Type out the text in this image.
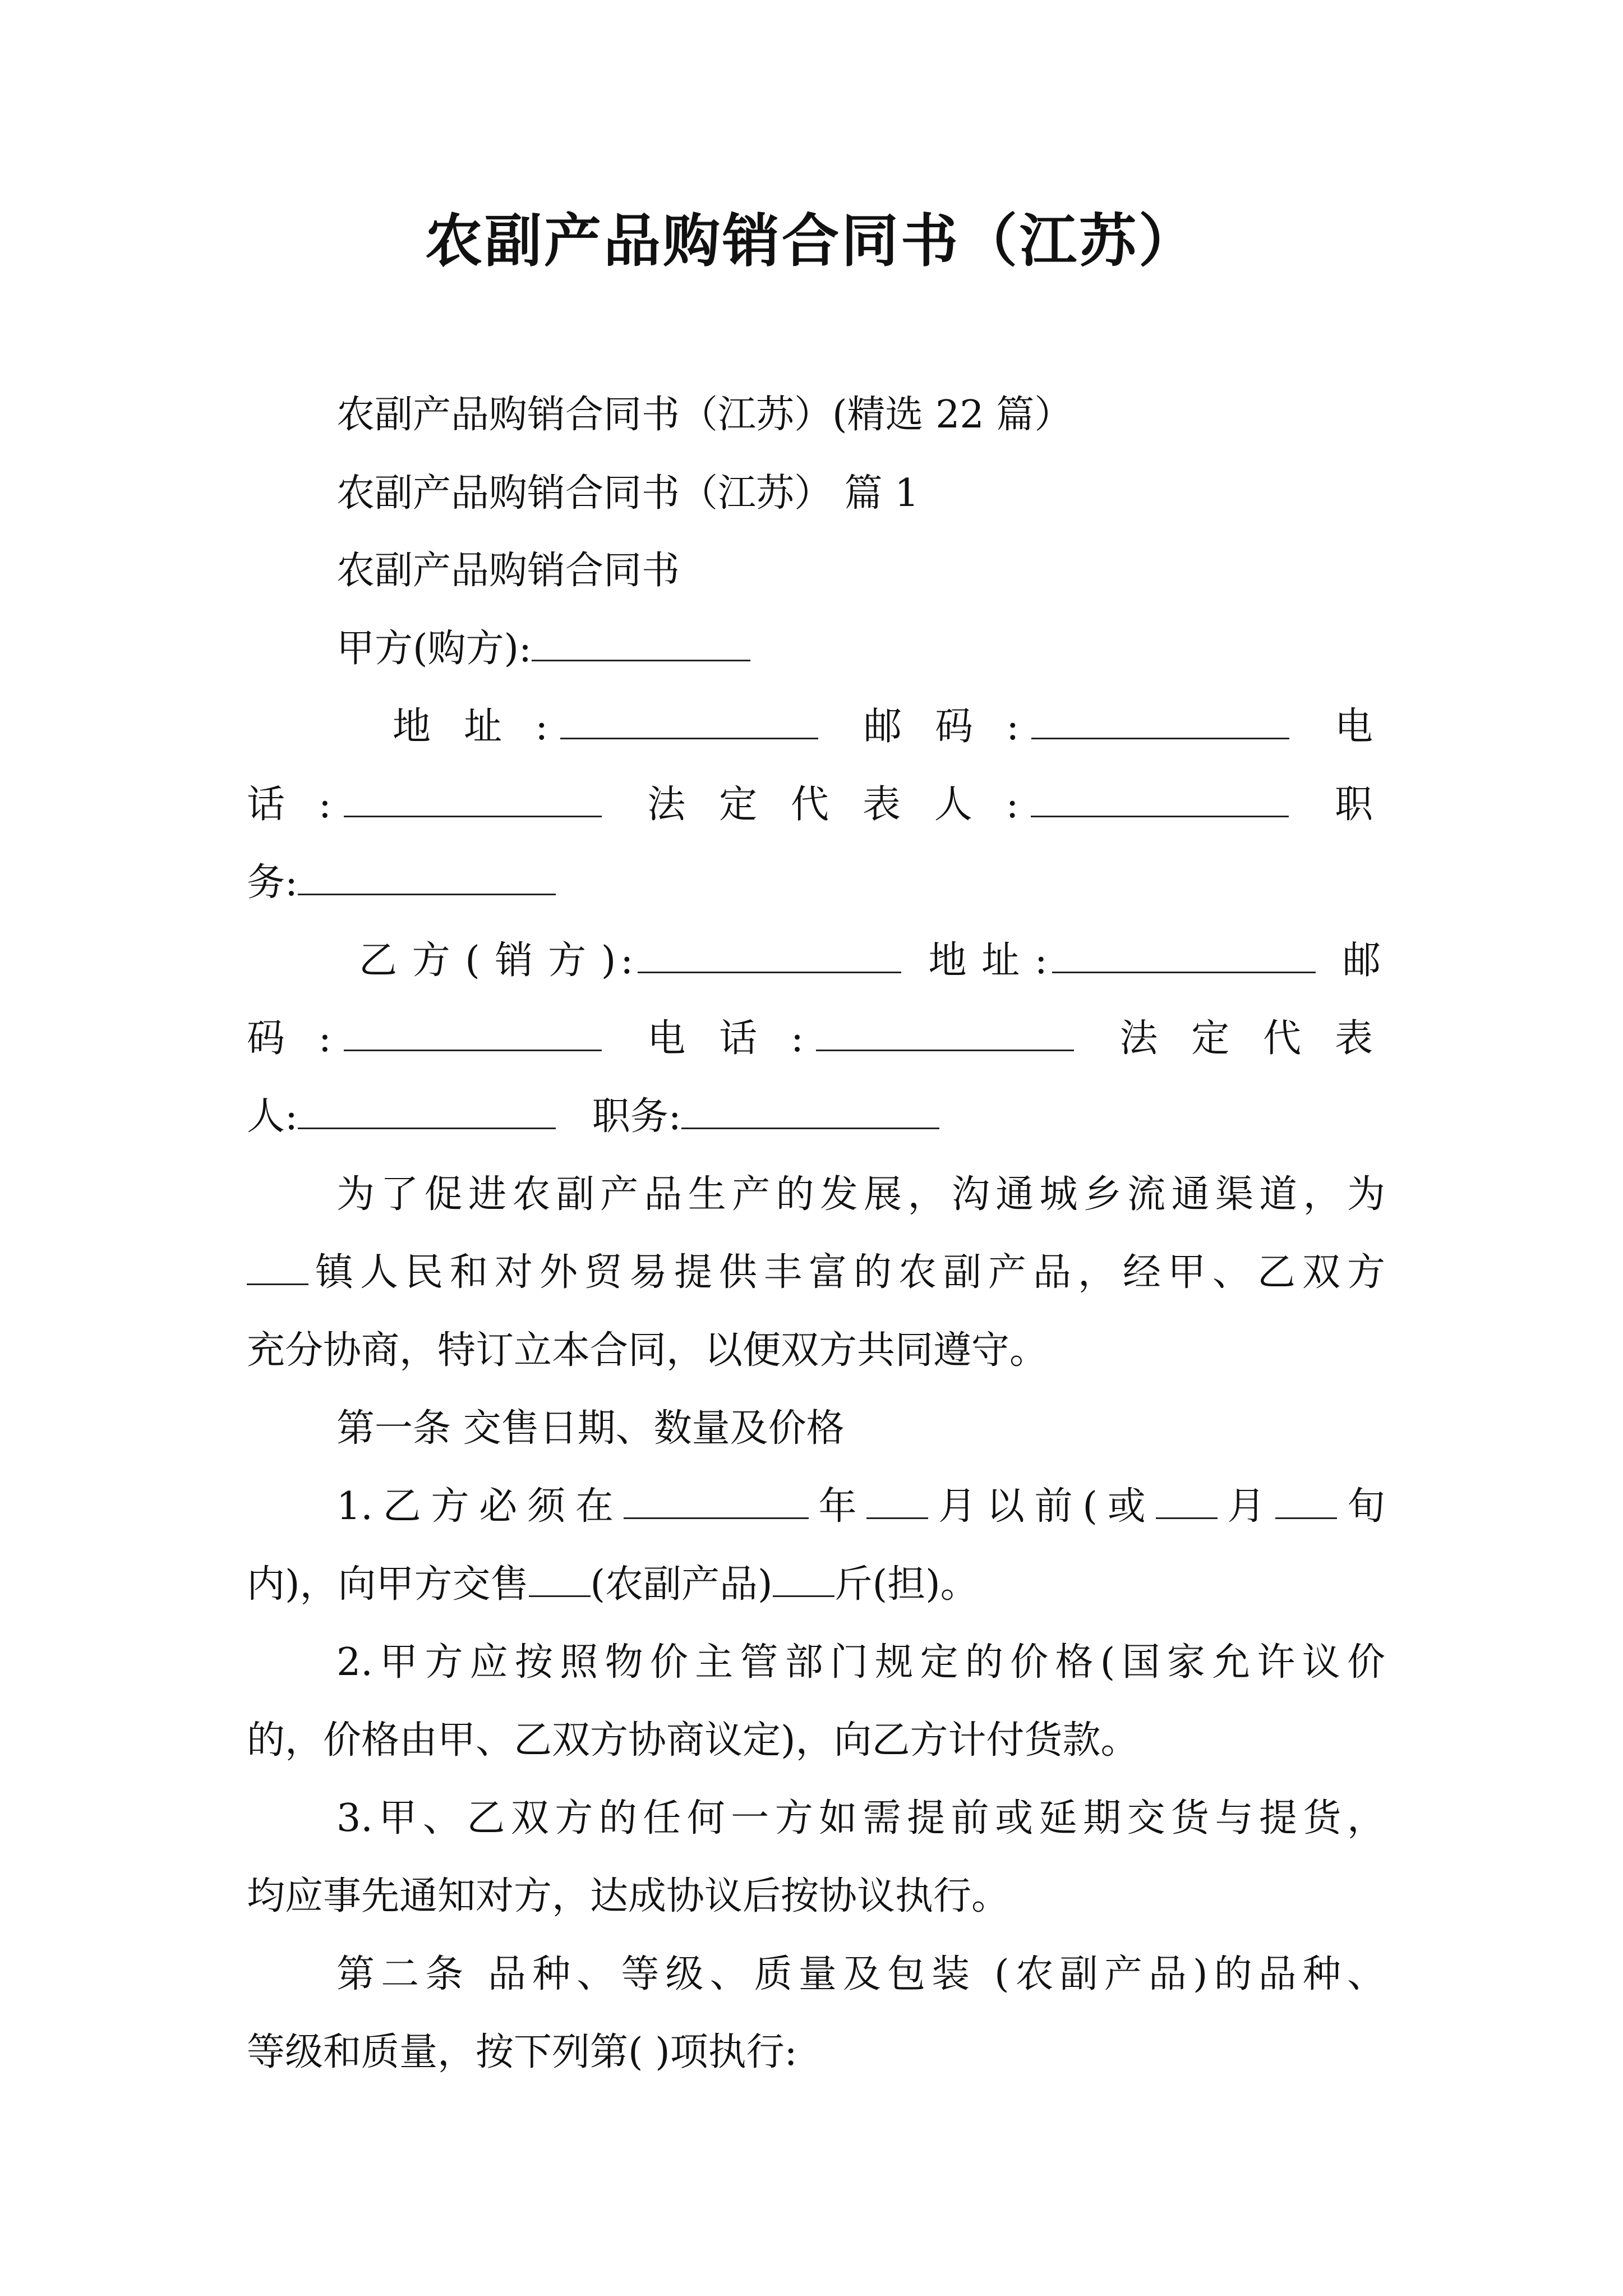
农副产品购销合同书（江苏）
农副产品购销合同书（江苏）(精选 22 篇）
农副产品购销合同书（江苏） 篇 1
农副产品购销合同书
甲方(购方):
地址:	邮码:	电
话:	法定代表人:	职
务:
乙方(销方):	地址:	邮
码:	电话:	法定代表
人:	职务:
为了促进农副产品生产的发展，沟通城乡流通渠道，为
镇人民和对外贸易提供丰富的农副产品，经甲、乙双方
充分协商，特订立本合同，以便双方共同遵守。
第一条 交售日期、数量及价格
1.乙方必须在	年 月以前(或 月 旬
内)，向甲方交售 (农副产品) 斤(担)。
2.甲方应按照物价主管部门规定的价格(国家允许议价
的，价格由甲、乙双方协商议定)，向乙方计付货款。
3.甲、乙双方的任何一方如需提前或延期交货与提货，
均应事先通知对方，达成协议后按协议执行。
第二条 品种、等级、质量及包装 (农副产品)的品种、
等级和质量，按下列第( )项执行:
